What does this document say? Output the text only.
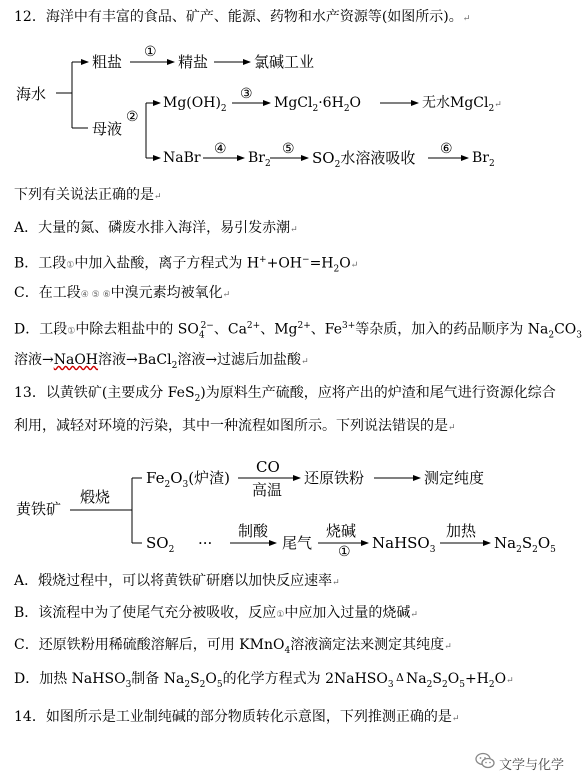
12．海洋中有丰富的食品、矿产、能源、药物和水产资源等(如图所示)。↵
海水
粗盐
①
精盐	氯碱工业
母液
②
$Mg(OH)_2$
③
$MgCl_2\cdot 6H_2O$	无水MgCl$_2$↵
NaBr
④
$Br_2$
⑤ $SO_2$水溶液吸收 ⑥
$Br_2$
下列有关说法正确的是↵
A．大量的氮、磷废水排入海洋，易引发赤潮↵
B．工段①中加入盐酸，离子方程式为 $H^++OH^-=H_2O↵$
C．在工段④ ⑤ ⑥中溴元素均被氧化↵
D．工段①中除去粗盐中的 $SO_4^{2-}$、$Ca^{2+}$、$Mg^{2+}$、$Fe^{3+}$等杂质，加入的药品顺序为 $Na_2CO_3$
溶液→NaOH溶液→BaCl$_2$溶液→过滤后加盐酸↵
13．以黄铁矿(主要成分 FeS$_2$)为原料生产硫酸，应将产出的炉渣和尾气进行资源化综合
利用，减轻对环境的污染，其中一种流程如图所示。下列说法错误的是↵
黄铁矿
煅烧
$Fe_2O_3$(炉渣)
CO
高温
还原铁粉	测定纯度
$SO_2$ ···
制酸
尾气
烧碱
① NaHSO$_3$
加热
$Na_2S_2O_5$
A．煅烧过程中，可以将黄铁矿研磨以加快反应速率↵
B．该流程中为了使尾气充分被吸收，反应①中应加入过量的烧碱↵
C．还原铁粉用稀硫酸溶解后，可用 KMnO$_4$溶液滴定法来测定其纯度↵
D．加热 NaHSO$_3$制备 $Na_2S_2O_5$的化学方程式为 2NaHSO$_3$
Δ $Na_2S_2O_5+H_2O↵$
14．如图所示是工业制纯碱的部分物质转化示意图，下列推测正确的是↵
文学与化学
